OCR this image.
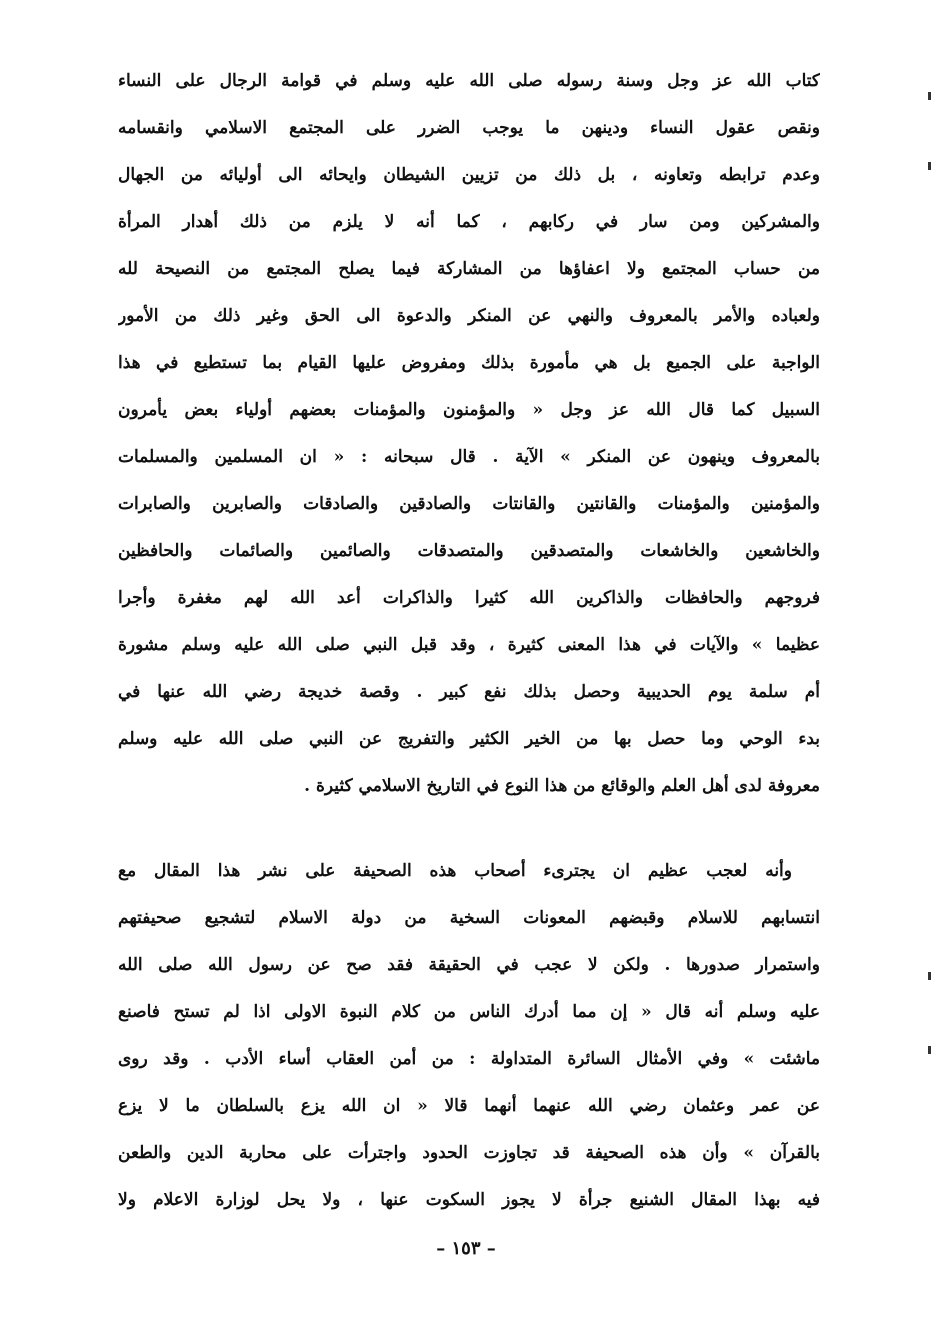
كتاب الله عز وجل وسنة رسوله صلى الله عليه وسلم في قوامة الرجال على النساء
ونقص عقول النساء ودينهن ما يوجب الضرر على المجتمع الاسلامي وانقسامه
وعدم ترابطه وتعاونه ، بل ذلك من تزيين الشيطان وايحائه الى أوليائه من الجهال
والمشركين ومن سار في ركابهم ، كما أنه لا يلزم من ذلك أهدار المرأة
من حساب المجتمع ولا اعفاؤها من المشاركة فيما يصلح المجتمع من النصيحة لله
ولعباده والأمر بالمعروف والنهي عن المنكر والدعوة الى الحق وغير ذلك من الأمور
الواجبة على الجميع بل هي مأمورة بذلك ومفروض عليها القيام بما تستطيع في هذا
السبيل كما قال الله عز وجل « والمؤمنون والمؤمنات بعضهم أولياء بعض يأمرون
بالمعروف وينهون عن المنكر » الآية . قال سبحانه : « ان المسلمين والمسلمات
والمؤمنين والمؤمنات والقانتين والقانتات والصادقين والصادقات والصابرين والصابرات
والخاشعين والخاشعات والمتصدقين والمتصدقات والصائمين والصائمات والحافظين
فروجهم والحافظات والذاكرين الله كثيرا والذاكرات أعد الله لهم مغفرة وأجرا
عظيما » والآيات في هذا المعنى كثيرة ، وقد قبل النبي صلى الله عليه وسلم مشورة
أم سلمة يوم الحديبية وحصل بذلك نفع كبير . وقصة خديجة رضي الله عنها في
بدء الوحي وما حصل بها من الخير الكثير والتفريج عن النبي صلى الله عليه وسلم
معروفة لدى أهل العلم والوقائع من هذا النوع في التاريخ الاسلامي كثيرة .
وأنه لعجب عظيم ان يجترىء أصحاب هذه الصحيفة على نشر هذا المقال مع
انتسابهم للاسلام وقبضهم المعونات السخية من دولة الاسلام لتشجيع صحيفتهم
واستمرار صدورها . ولكن لا عجب في الحقيقة فقد صح عن رسول الله صلى الله
عليه وسلم أنه قال « إن مما أدرك الناس من كلام النبوة الاولى اذا لم تستح فاصنع
ماشئت » وفي الأمثال السائرة المتداولة : من أمن العقاب أساء الأدب . وقد روى
عن عمر وعثمان رضي الله عنهما أنهما قالا « ان الله يزع بالسلطان ما لا يزع
بالقرآن » وأن هذه الصحيفة قد تجاوزت الحدود واجترأت على محاربة الدين والطعن
فيه بهذا المقال الشنيع جرأة لا يجوز السكوت عنها ، ولا يحل لوزارة الاعلام ولا
– ١٥٣ –
